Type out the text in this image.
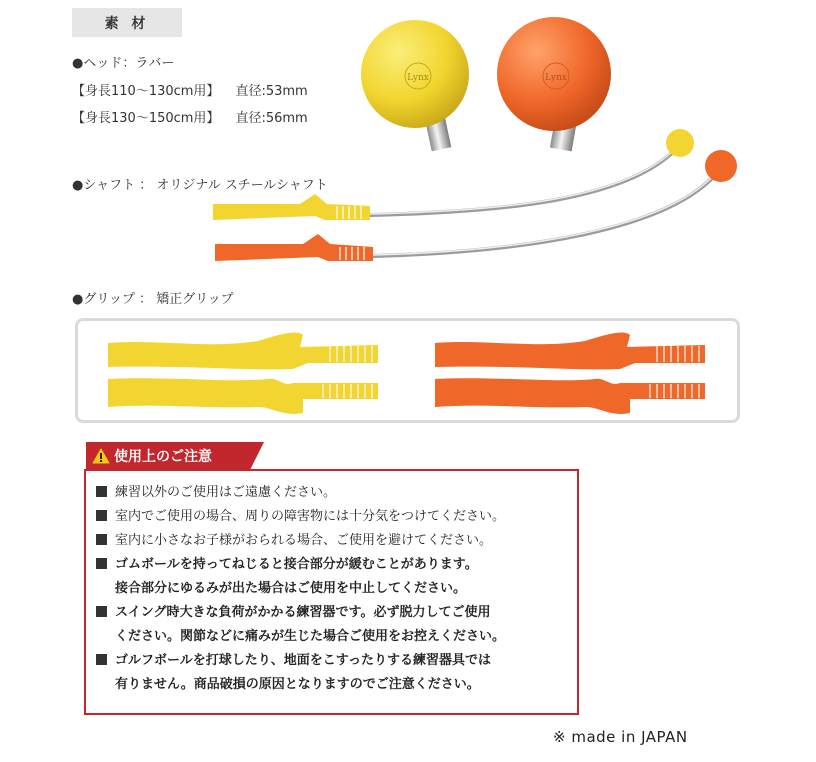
素 材
●ヘッド：ラバー
【身長110～130cm用】 直径:53mm
【身長130～150cm用】 直径:56mm
●シャフト ： オリジナル スチールシャフト
●グリップ ： 矯正グリップ
Lynx	Lynx
使用上のご注意
練習以外のご使用はご遠慮ください。
室内でご使用の場合、周りの障害物には十分気をつけてください。
室内に小さなお子様がおられる場合、ご使用を避けてください。
ゴムボールを持ってねじると接合部分が緩むことがあります。
接合部分にゆるみが出た場合はご使用を中止してください。
スイング時大きな負荷がかかる練習器です。必ず脱力してご使用
ください。関節などに痛みが生じた場合ご使用をお控えください。
ゴルフボールを打球したり、地面をこすったりする練習器具では
有りません。商品破損の原因となりますのでご注意ください。
※ made in JAPAN
